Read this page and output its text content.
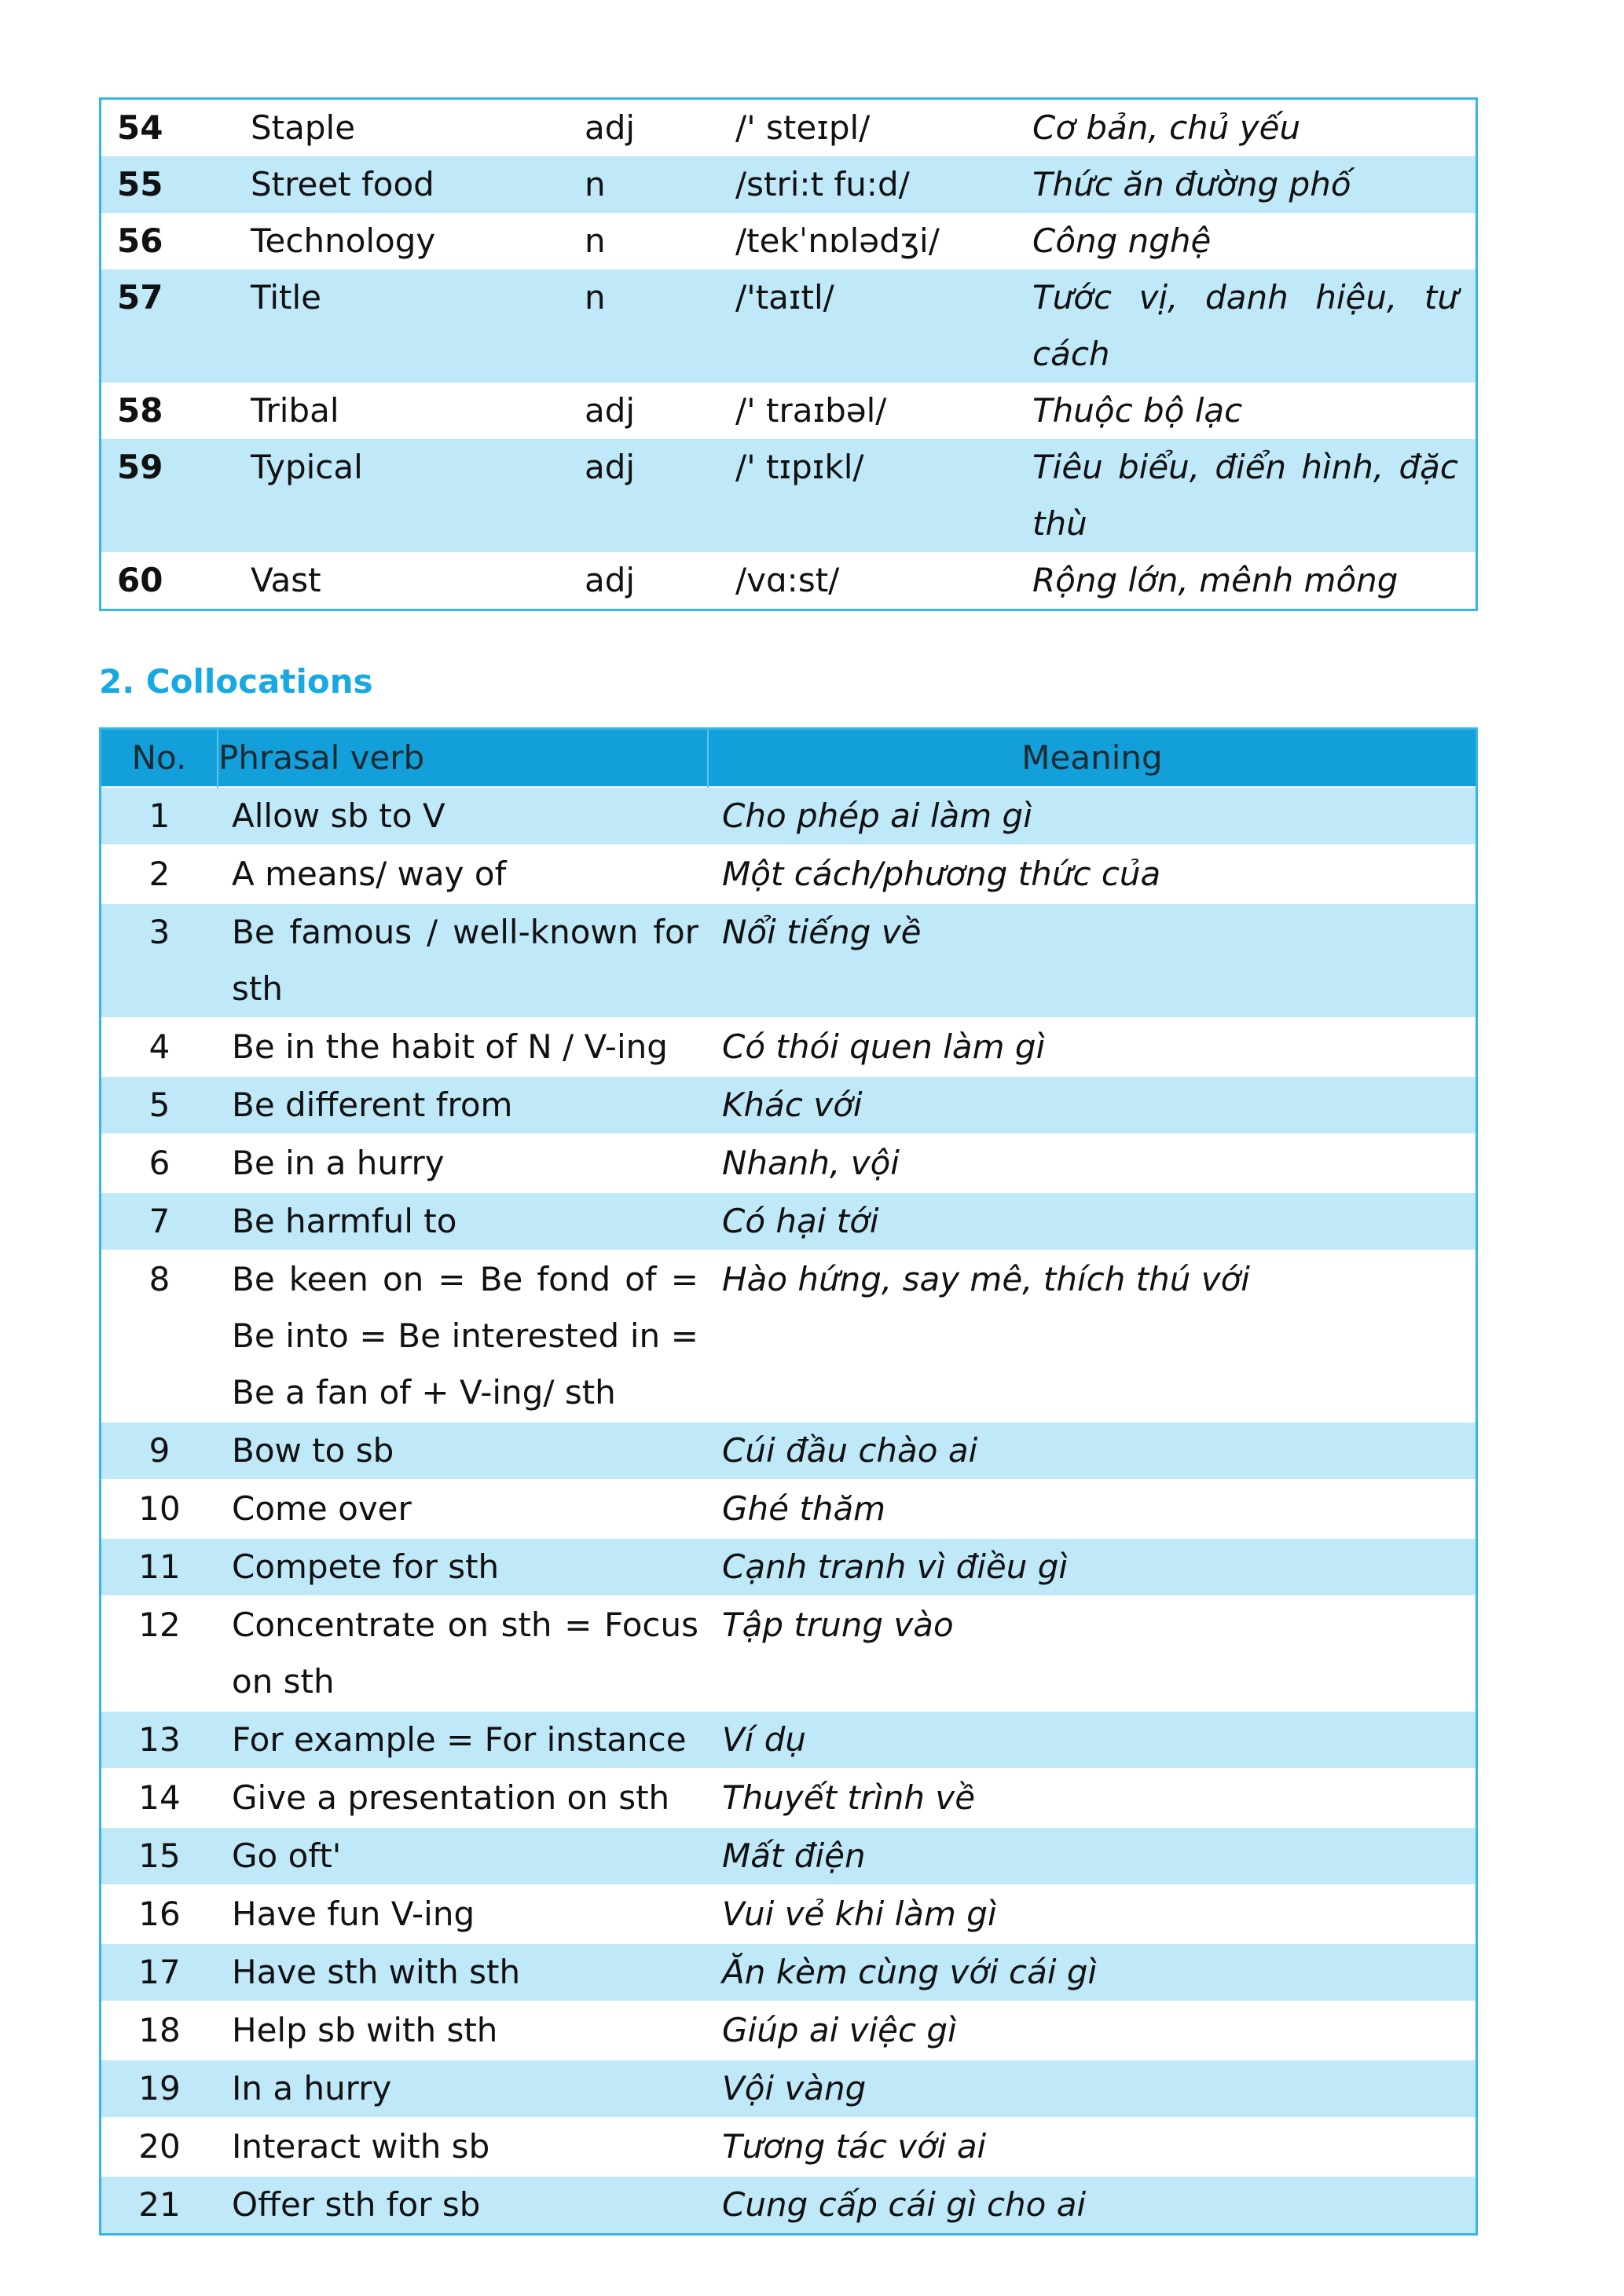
54	Staple	adj	/' steɪpl/	Cơ bản, chủ yếu
55	Street food	n	/stri:t fu:d/	Thức ăn đường phố
56	Technology	n	/tekˈnɒlədʒi/	Công nghệ
57	Title	n	/'taɪtl/	Tước vị, danh hiệu, tư cách
58	Tribal	adj	/' traɪbəl/	Thuộc bộ lạc
59	Typical	adj	/' tɪpɪkl/	Tiêu biểu, điển hình, đặc thù
60	Vast	adj	/vɑ:st/	Rộng lớn, mênh mông
2. Collocations
No.	Phrasal verb	Meaning
1	Allow sb to V	Cho phép ai làm gì
2	A means/ way of	Một cách/phương thức của
3	Be famous / well-known for sth	Nổi tiếng về
4	Be in the habit of N / V-ing	Có thói quen làm gì
5	Be different from	Khác với
6	Be in a hurry	Nhanh, vội
7	Be harmful to	Có hại tới
8	Be keen on = Be fond of = Be into = Be interested in = Be a fan of + V-ing/ sth	Hào hứng, say mê, thích thú với
9	Bow to sb	Cúi đầu chào ai
10	Come over	Ghé thăm
11	Compete for sth	Cạnh tranh vì điều gì
12	Concentrate on sth = Focus on sth	Tập trung vào
13	For example = For instance	Ví dụ
14	Give a presentation on sth	Thuyết trình về
15	Go oft'	Mất điện
16	Have fun V-ing	Vui vẻ khi làm gì
17	Have sth with sth	Ăn kèm cùng với cái gì
18	Help sb with sth	Giúp ai việc gì
19	In a hurry	Vội vàng
20	Interact with sb	Tương tác với ai
21	Offer sth for sb	Cung cấp cái gì cho ai
